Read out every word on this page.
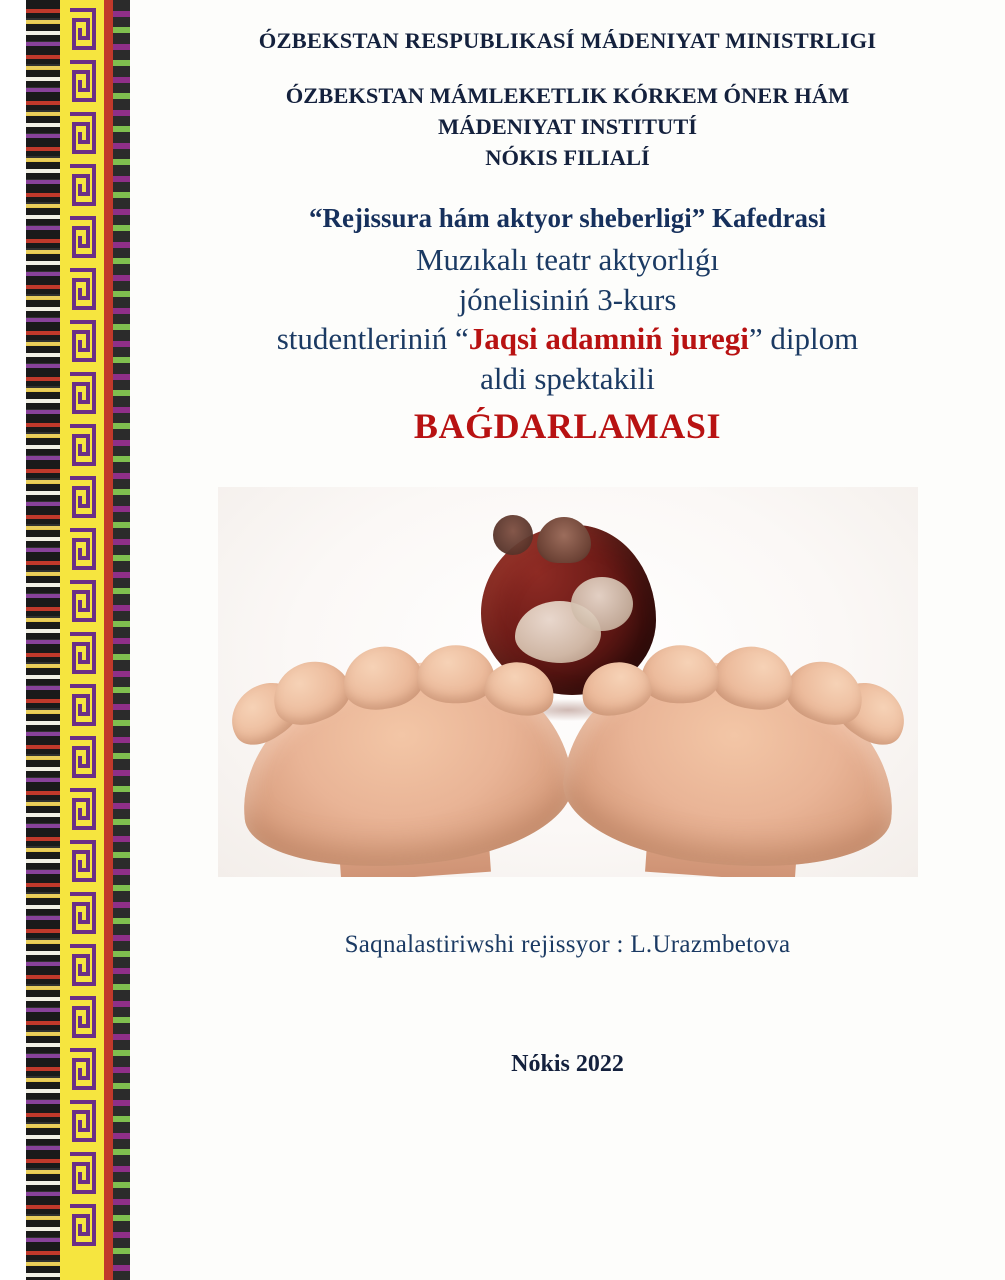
ÓZBEKSTAN RESPUBLIKASÍ MÁDENIYAT MINISTRLIGI
ÓZBEKSTAN MÁMLEKETLIK KÓRKEM ÓNER HÁM
MÁDENIYAT INSTITUTÍ
NÓKIS FILIALÍ
“Rejissura hám aktyor sheberligi” Kafedrasi
Muzıkalı teatr aktyorlıǵı
jónelisiniń 3-kurs
studentleriniń “Jaqsi adamniń juregi” diplom
aldi spektakili
BAǴDARLAMASI
Saqnalastiriwshi rejissyor : L.Urazmbetova
Nókis 2022
